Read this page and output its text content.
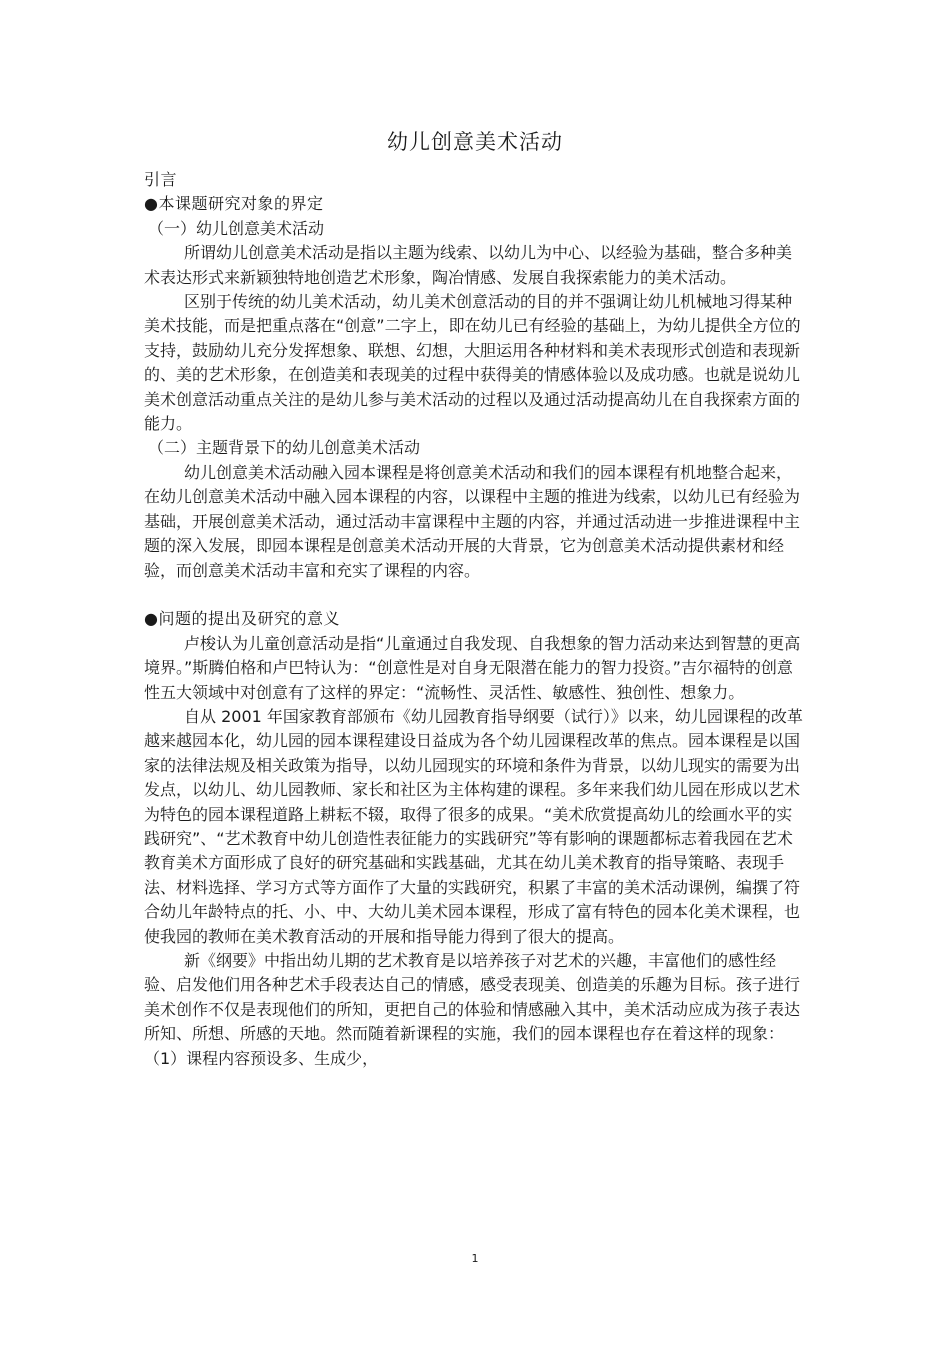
幼儿创意美术活动

引言

●本课题研究对象的界定

（一）幼儿创意美术活动

所谓幼儿创意美术活动是指以主题为线索、以幼儿为中心、以经验为基础，整合多种美术表达形式来新颖独特地创造艺术形象，陶冶情感、发展自我探索能力的美术活动。

区别于传统的幼儿美术活动，幼儿美术创意活动的目的并不强调让幼儿机械地习得某种美术技能，而是把重点落在“创意”二字上，即在幼儿已有经验的基础上，为幼儿提供全方位的支持，鼓励幼儿充分发挥想象、联想、幻想，大胆运用各种材料和美术表现形式创造和表现新的、美的艺术形象，在创造美和表现美的过程中获得美的情感体验以及成功感。也就是说幼儿美术创意活动重点关注的是幼儿参与美术活动的过程以及通过活动提高幼儿在自我探索方面的能力。

（二）主题背景下的幼儿创意美术活动

幼儿创意美术活动融入园本课程是将创意美术活动和我们的园本课程有机地整合起来，在幼儿创意美术活动中融入园本课程的内容，以课程中主题的推进为线索，以幼儿已有经验为基础，开展创意美术活动，通过活动丰富课程中主题的内容，并通过活动进一步推进课程中主题的深入发展，即园本课程是创意美术活动开展的大背景，它为创意美术活动提供素材和经验，而创意美术活动丰富和充实了课程的内容。

●问题的提出及研究的意义

卢梭认为儿童创意活动是指“儿童通过自我发现、自我想象的智力活动来达到智慧的更高境界。”斯腾伯格和卢巴特认为：“创意性是对自身无限潜在能力的智力投资。”吉尔福特的创意性五大领域中对创意有了这样的界定：“流畅性、灵活性、敏感性、独创性、想象力。

自从 2001 年国家教育部颁布《幼儿园教育指导纲要（试行）》以来，幼儿园课程的改革越来越园本化，幼儿园的园本课程建设日益成为各个幼儿园课程改革的焦点。园本课程是以国家的法律法规及相关政策为指导，以幼儿园现实的环境和条件为背景，以幼儿现实的需要为出发点，以幼儿、幼儿园教师、家长和社区为主体构建的课程。多年来我们幼儿园在形成以艺术为特色的园本课程道路上耕耘不辍，取得了很多的成果。“美术欣赏提高幼儿的绘画水平的实践研究”、“艺术教育中幼儿创造性表征能力的实践研究”等有影响的课题都标志着我园在艺术教育美术方面形成了良好的研究基础和实践基础，尤其在幼儿美术教育的指导策略、表现手法、材料选择、学习方式等方面作了大量的实践研究，积累了丰富的美术活动课例，编撰了符合幼儿年龄特点的托、小、中、大幼儿美术园本课程，形成了富有特色的园本化美术课程，也使我园的教师在美术教育活动的开展和指导能力得到了很大的提高。

新《纲要》中指出幼儿期的艺术教育是以培养孩子对艺术的兴趣，丰富他们的感性经验、启发他们用各种艺术手段表达自己的情感，感受表现美、创造美的乐趣为目标。孩子进行美术创作不仅是表现他们的所知，更把自己的体验和情感融入其中，美术活动应成为孩子表达所知、所想、所感的天地。然而随着新课程的实施，我们的园本课程也存在着这样的现象：（1）课程内容预设多、生成少，

1
